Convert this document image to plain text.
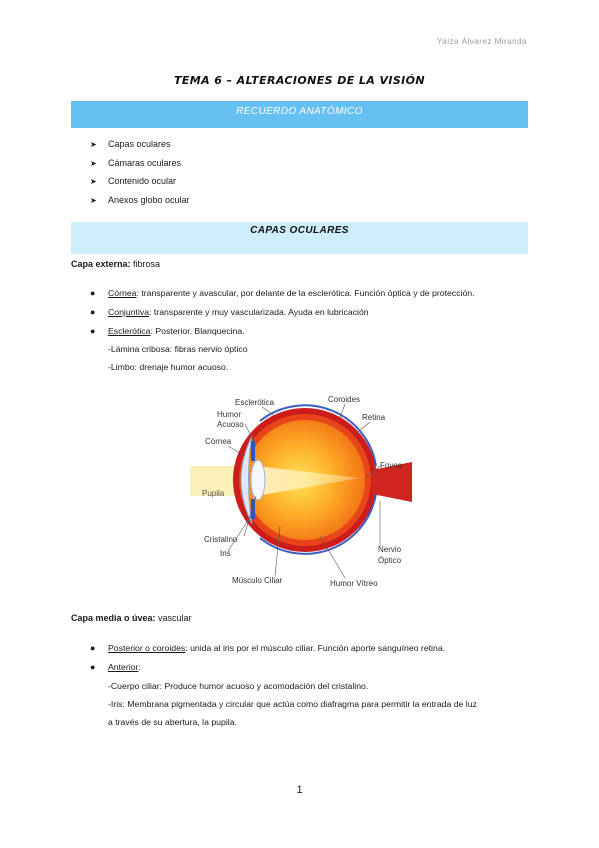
Yaiza Álvarez Miranda
TEMA 6 – ALTERACIONES DE LA VISIÓN
RECUERDO ANATÓMICO
➤ Capas oculares
➤ Cámaras oculares
➤ Contenido ocular
➤ Anexos globo ocular
CAPAS OCULARES
Capa externa: fibrosa
● Córnea: transparente y avascular, por delante de la esclerótica. Función óptica y de protección.
● Conjuntiva: transparente y muy vascularizada. Ayuda en lubricación
● Esclerótica: Posterior. Blanquecina.
-Lámina cribosa: fibras nervio óptico
-Limbo: drenaje humor acuoso.
Esclerótica
Humor
Acuoso
Córnea
Pupila
Cristalino
Iris
Músculo Ciliar
Coroides
Retina
Fovea
Nervio
Óptico
Humor Vítreo
Capa media o úvea: vascular
● Posterior o coroides: unida al iris por el músculo ciliar. Función aporte sanguíneo retina.
● Anterior:
-Cuerpo ciliar: Produce humor acuoso y acomodación del cristalino.
-Iris: Membrana pigmentada y circular que actúa como diafragma para permitir la entrada de luz
a través de su abertura, la pupila.
1
